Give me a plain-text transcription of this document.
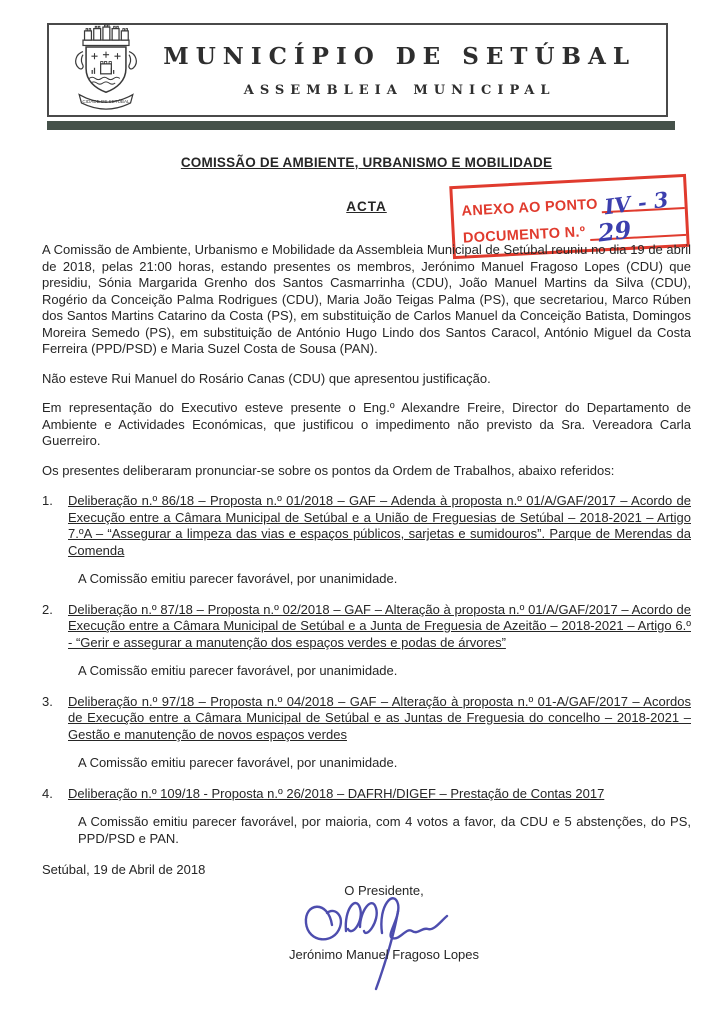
CIDADE DE SETÚBAL
MUNICÍPIO DE SETÚBAL
ASSEMBLEIA MUNICIPAL
ANEXO AO PONTO IV - 3
DOCUMENTO N.º 29
COMISSÃO DE AMBIENTE, URBANISMO E MOBILIDADE
ACTA

A Comissão de Ambiente, Urbanismo e Mobilidade da Assembleia Municipal de Setúbal reuniu no dia 19 de abril de 2018, pelas 21:00 horas, estando presentes os membros, Jerónimo Manuel Fragoso Lopes (CDU) que presidiu, Sónia Margarida Grenho dos Santos Casmarrinha (CDU), João Manuel Martins da Silva (CDU), Rogério da Conceição Palma Rodrigues (CDU), Maria João Teigas Palma (PS), que secretariou, Marco Rúben dos Santos Martins Catarino da Costa (PS), em substituição de Carlos Manuel da Conceição Batista, Domingos Moreira Semedo (PS), em substituição de António Hugo Lindo dos Santos Caracol, António Miguel da Costa Ferreira (PPD/PSD) e Maria Suzel Costa de Sousa (PAN).

Não esteve Rui Manuel do Rosário Canas (CDU) que apresentou justificação.

Em representação do Executivo esteve presente o Eng.º Alexandre Freire, Director do Departamento de Ambiente e Actividades Económicas, que justificou o impedimento não previsto da Sra. Vereadora Carla Guerreiro.

Os presentes deliberaram pronunciar-se sobre os pontos da Ordem de Trabalhos, abaixo referidos:

1.	Deliberação n.º 86/18 – Proposta n.º 01/2018 – GAF – Adenda à proposta n.º 01/A/GAF/2017 – Acordo de Execução entre a Câmara Municipal de Setúbal e a União de Freguesias de Setúbal – 2018-2021 – Artigo 7.ºA – “Assegurar a limpeza das vias e espaços públicos, sarjetas e sumidouros”. Parque de Merendas da Comenda
A Comissão emitiu parecer favorável, por unanimidade.
2.	Deliberação n.º 87/18 – Proposta n.º 02/2018 – GAF – Alteração à proposta n.º 01/A/GAF/2017 – Acordo de Execução entre a Câmara Municipal de Setúbal e a Junta de Freguesia de Azeitão – 2018-2021 – Artigo 6.º - “Gerir e assegurar a manutenção dos espaços verdes e podas de árvores”
A Comissão emitiu parecer favorável, por unanimidade.
3.	Deliberação n.º 97/18 – Proposta n.º 04/2018 – GAF – Alteração à proposta n.º 01-A/GAF/2017 – Acordos de Execução entre a Câmara Municipal de Setúbal e as Juntas de Freguesia do concelho – 2018-2021 – Gestão e manutenção de novos espaços verdes
A Comissão emitiu parecer favorável, por unanimidade.
4.	Deliberação n.º 109/18 - Proposta n.º 26/2018 – DAFRH/DIGEF – Prestação de Contas 2017
A Comissão emitiu parecer favorável, por maioria, com 4 votos a favor, da CDU e 5 abstenções, do PS, PPD/PSD e PAN.
Setúbal, 19 de Abril de 2018
O Presidente,
Jerónimo Manuel Fragoso Lopes
